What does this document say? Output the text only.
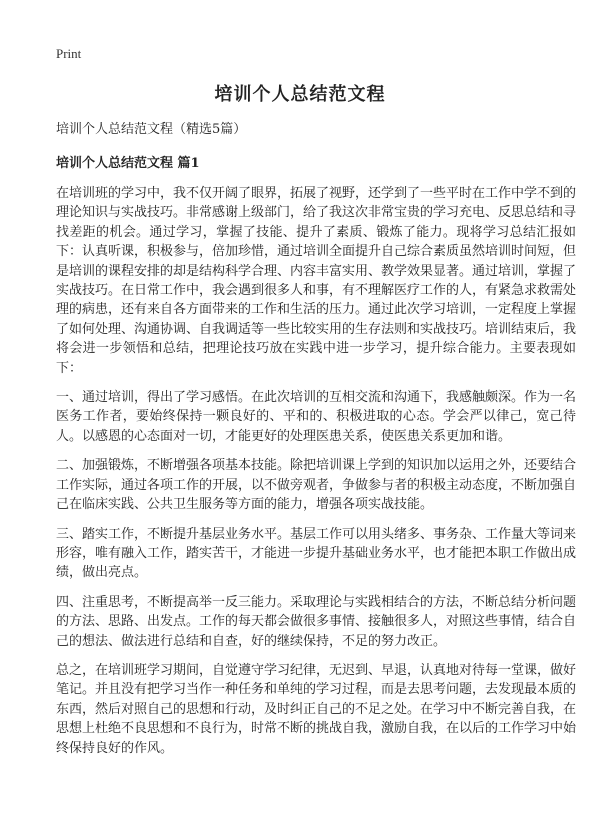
Print
培训个人总结范文程
培训个人总结范文程（精选5篇）
培训个人总结范文程 篇1
在培训班的学习中，我不仅开阔了眼界，拓展了视野，还学到了一些平时在工作中学不到的理论知识与实战技巧。非常感谢上级部门，给了我这次非常宝贵的学习充电、反思总结和寻找差距的机会。通过学习，掌握了技能、提升了素质、锻炼了能力。现将学习总结汇报如下：认真听课，积极参与，倍加珍惜，通过培训全面提升自己综合素质虽然培训时间短，但是培训的课程安排的却是结构科学合理、内容丰富实用、教学效果显著。通过培训，掌握了实战技巧。在日常工作中，我会遇到很多人和事，有不理解医疗工作的人，有紧急求救需处理的病患，还有来自各方面带来的工作和生活的压力。通过此次学习培训，一定程度上掌握了如何处理、沟通协调、自我调适等一些比较实用的生存法则和实战技巧。培训结束后，我将会进一步领悟和总结，把理论技巧放在实践中进一步学习，提升综合能力。主要表现如下：
一、通过培训，得出了学习感悟。在此次培训的互相交流和沟通下，我感触颇深。作为一名医务工作者，要始终保持一颗良好的、平和的、积极进取的心态。学会严以律己，宽己待人。以感恩的心态面对一切，才能更好的处理医患关系，使医患关系更加和谐。
二、加强锻炼，不断增强各项基本技能。除把培训课上学到的知识加以运用之外，还要结合工作实际，通过各项工作的开展，以不做旁观者，争做参与者的积极主动态度，不断加强自己在临床实践、公共卫生服务等方面的能力，增强各项实战技能。
三、踏实工作，不断提升基层业务水平。基层工作可以用头绪多、事务杂、工作量大等词来形容，唯有融入工作，踏实苦干，才能进一步提升基础业务水平，也才能把本职工作做出成绩，做出亮点。
四、注重思考，不断提高举一反三能力。采取理论与实践相结合的方法，不断总结分析问题的方法、思路、出发点。工作的每天都会做很多事情、接触很多人，对照这些事情，结合自己的想法、做法进行总结和自查，好的继续保持，不足的努力改正。
总之，在培训班学习期间，自觉遵守学习纪律，无迟到、早退，认真地对待每一堂课，做好笔记。并且没有把学习当作一种任务和单纯的学习过程，而是去思考问题，去发现最本质的东西，然后对照自己的思想和行动，及时纠正自己的不足之处。在学习中不断完善自我，在思想上杜绝不良思想和不良行为，时常不断的挑战自我，激励自我，在以后的工作学习中始终保持良好的作风。
